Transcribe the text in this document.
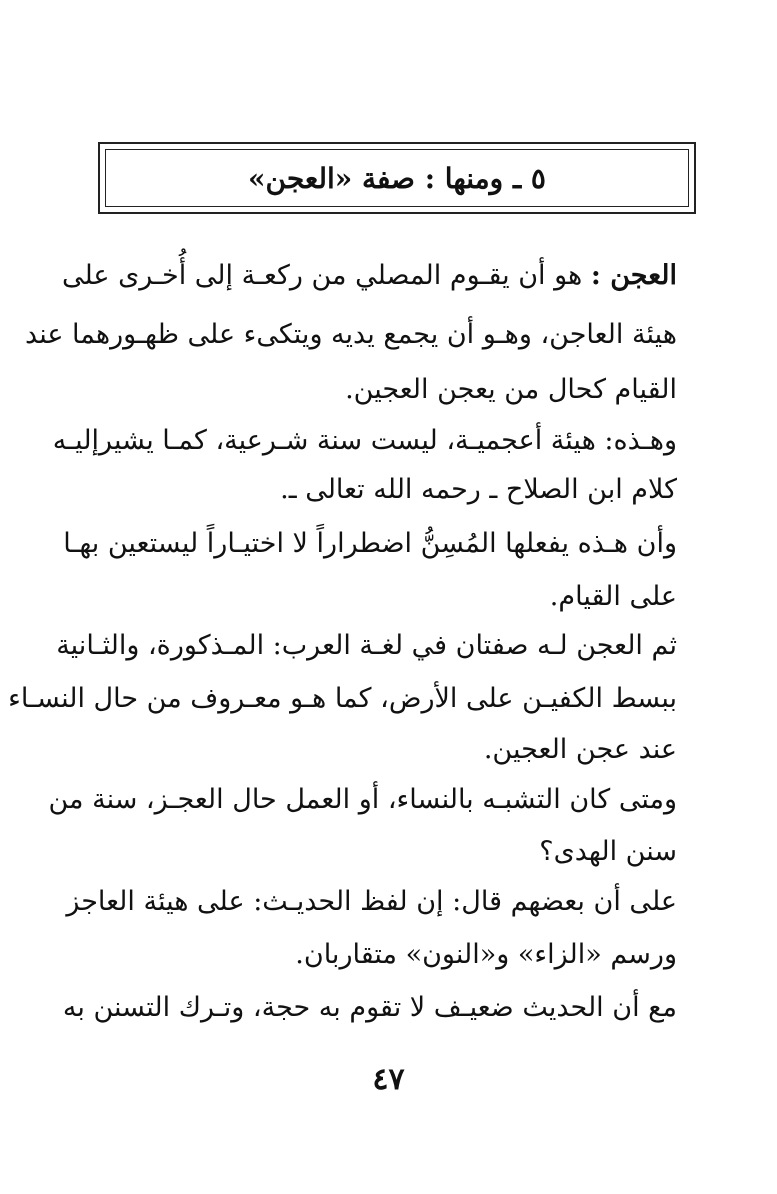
٥ ـ ومنها : صفة «العجن»
العجن : هو أن يقـوم المصلي من ركعـة إلى أُخـرى على
هيئة العاجن، وهـو أن يجمع يديه ويتكىء على ظهـورهما عند
القيام كحال من يعجن العجين.
وهـذه: هيئة أعجميـة، ليست سنة شـرعية، كمـا يشيرإليـه
كلام ابن الصلاح ـ رحمه الله تعالى ـ.
وأن هـذه يفعلها المُسِنُّ اضطراراً لا اختيـاراً ليستعين بهـا
على القيام.
ثم العجن لـه صفتان في لغـة العرب: المـذكورة، والثـانية
ببسط الكفيـن على الأرض، كما هـو معـروف من حال النسـاء
عند عجن العجين.
ومتى كان التشبـه بالنساء، أو العمل حال العجـز، سنة من
سنن الهدى؟
على أن بعضهم قال: إن لفظ الحديـث: على هيئة العاجز
ورسم «الزاء» و«النون» متقاربان.
مع أن الحديث ضعيـف لا تقوم به حجة، وتـرك التسنن به
٤٧
